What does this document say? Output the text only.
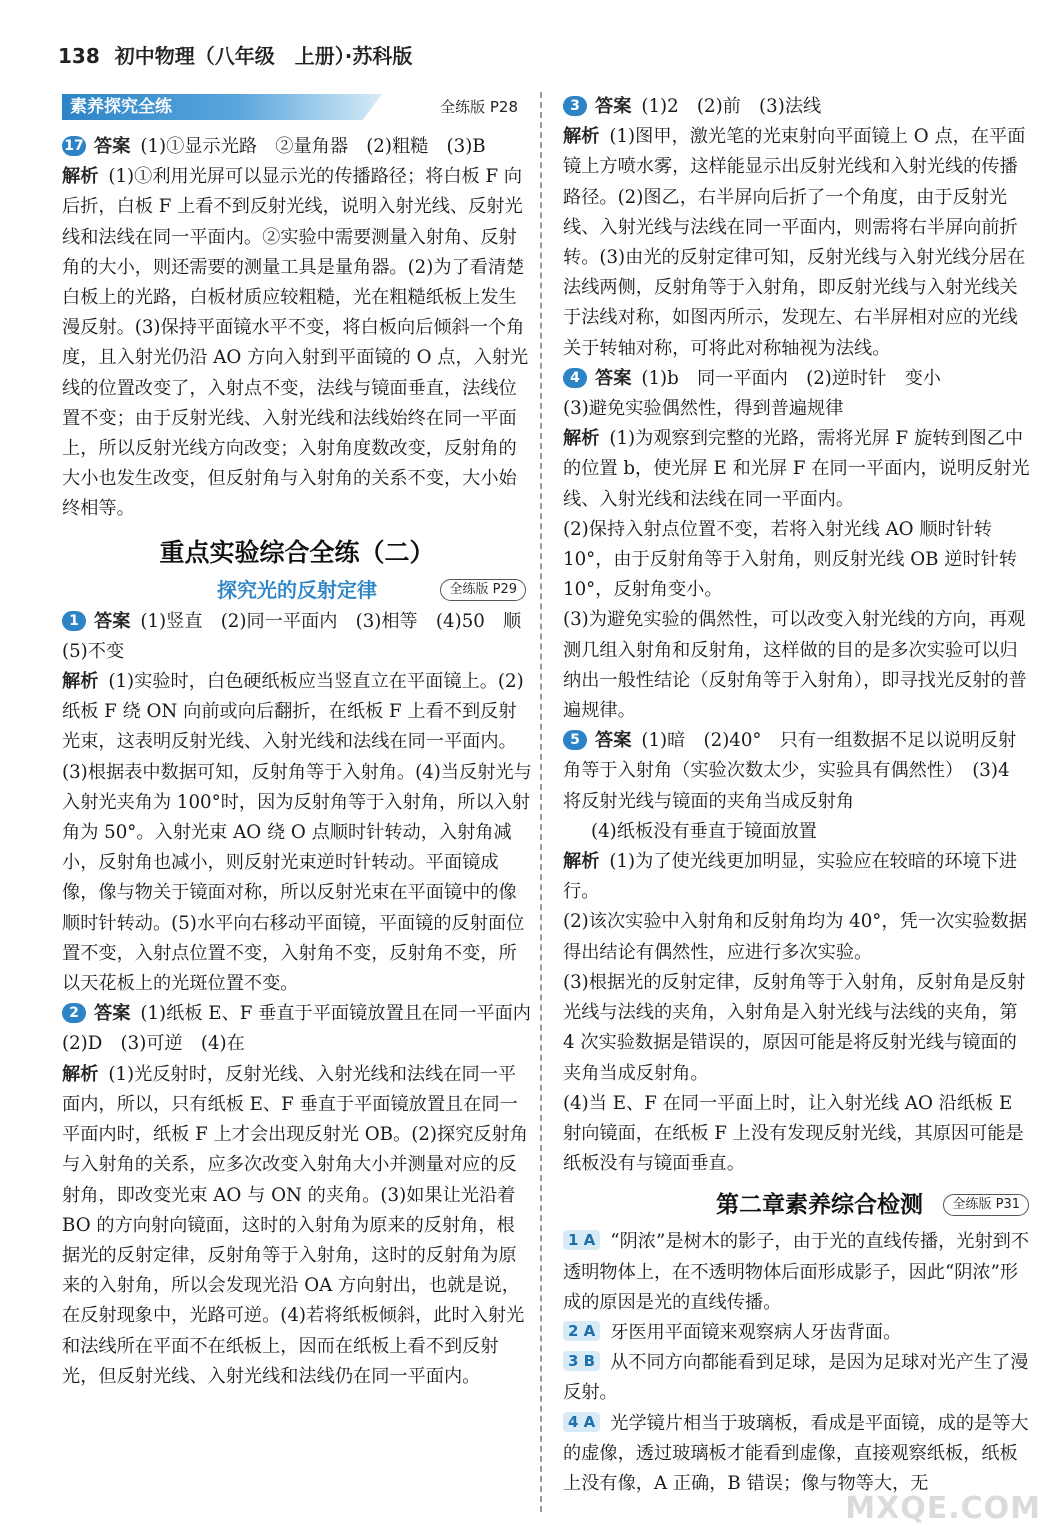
138 初中物理（八年级　上册）·苏科版
素养探究全练	全练版 P28

17 答案 (1)①显示光路　②量角器　(2)粗糙　(3)B

解析 (1)①利用光屏可以显示光的传播路径；将白板 F 向后折，白板 F 上看不到反射光线，说明入射光线、反射光线和法线在同一平面内。②实验中需要测量入射角、反射角的大小，则还需要的测量工具是量角器。(2)为了看清楚白板上的光路，白板材质应较粗糙，光在粗糙纸板上发生漫反射。(3)保持平面镜水平不变，将白板向后倾斜一个角度，且入射光仍沿 AO 方向入射到平面镜的 O 点，入射光线的位置改变了，入射点不变，法线与镜面垂直，法线位置不变；由于反射光线、入射光线和法线始终在同一平面上，所以反射光线方向改变；入射角度数改变，反射角的大小也发生改变，但反射角与入射角的关系不变，大小始终相等。

重点实验综合全练（二）
探究光的反射定律	全练版 P29

1 答案 (1)竖直　(2)同一平面内　(3)相等　(4)50　顺　(5)不变

解析 (1)实验时，白色硬纸板应当竖直立在平面镜上。(2)纸板 F 绕 ON 向前或向后翻折，在纸板 F 上看不到反射光束，这表明反射光线、入射光线和法线在同一平面内。(3)根据表中数据可知，反射角等于入射角。(4)当反射光与入射光夹角为 100°时，因为反射角等于入射角，所以入射角为 50°。入射光束 AO 绕 O 点顺时针转动，入射角减小，反射角也减小，则反射光束逆时针转动。平面镜成像，像与物关于镜面对称，所以反射光束在平面镜中的像顺时针转动。(5)水平向右移动平面镜，平面镜的反射面位置不变，入射点位置不变，入射角不变，反射角不变，所以天花板上的光斑位置不变。

2 答案 (1)纸板 E、F 垂直于平面镜放置且在同一平面内　(2)D　(3)可逆　(4)在

解析 (1)光反射时，反射光线、入射光线和法线在同一平面内，所以，只有纸板 E、F 垂直于平面镜放置且在同一平面内时，纸板 F 上才会出现反射光 OB。(2)探究反射角与入射角的关系，应多次改变入射角大小并测量对应的反射角，即改变光束 AO 与 ON 的夹角。(3)如果让光沿着 BO 的方向射向镜面，这时的入射角为原来的反射角，根据光的反射定律，反射角等于入射角，这时的反射角为原来的入射角，所以会发现光沿 OA 方向射出，也就是说，在反射现象中，光路可逆。(4)若将纸板倾斜，此时入射光和法线所在平面不在纸板上，因而在纸板上看不到反射光，但反射光线、入射光线和法线仍在同一平面内。

3 答案 (1)2　(2)前　(3)法线

解析 (1)图甲，激光笔的光束射向平面镜上 O 点，在平面镜上方喷水雾，这样能显示出反射光线和入射光线的传播路径。(2)图乙，右半屏向后折了一个角度，由于反射光线、入射光线与法线在同一平面内，则需将右半屏向前折转。(3)由光的反射定律可知，反射光线与入射光线分居在法线两侧，反射角等于入射角，即反射光线与入射光线关于法线对称，如图丙所示，发现左、右半屏相对应的光线关于转轴对称，可将此对称轴视为法线。

4 答案 (1)b　同一平面内　(2)逆时针　变小

(3)避免实验偶然性，得到普遍规律

解析 (1)为观察到完整的光路，需将光屏 F 旋转到图乙中的位置 b，使光屏 E 和光屏 F 在同一平面内，说明反射光线、入射光线和法线在同一平面内。

(2)保持入射点位置不变，若将入射光线 AO 顺时针转 10°，由于反射角等于入射角，则反射光线 OB 逆时针转 10°，反射角变小。

(3)为避免实验的偶然性，可以改变入射光线的方向，再观测几组入射角和反射角，这样做的目的是多次实验可以归纳出一般性结论（反射角等于入射角），即寻找光反射的普遍规律。

5 答案 (1)暗　(2)40°　只有一组数据不足以说明反射角等于入射角（实验次数太少，实验具有偶然性）　(3)4　将反射光线与镜面的夹角当成反射角

(4)纸板没有垂直于镜面放置

解析 (1)为了使光线更加明显，实验应在较暗的环境下进行。

(2)该次实验中入射角和反射角均为 40°，凭一次实验数据得出结论有偶然性，应进行多次实验。

(3)根据光的反射定律，反射角等于入射角，反射角是反射光线与法线的夹角，入射角是入射光线与法线的夹角，第 4 次实验数据是错误的，原因可能是将反射光线与镜面的夹角当成反射角。

(4)当 E、F 在同一平面上时，让入射光线 AO 沿纸板 E 射向镜面，在纸板 F 上没有发现反射光线，其原因可能是纸板没有与镜面垂直。

第二章素养综合检测	全练版 P31

1 A “阴浓”是树木的影子，由于光的直线传播，光射到不透明物体上，在不透明物体后面形成影子，因此“阴浓”形成的原因是光的直线传播。

2 A 牙医用平面镜来观察病人牙齿背面。

3 B 从不同方向都能看到足球，是因为足球对光产生了漫反射。

4 A 光学镜片相当于玻璃板，看成是平面镜，成的是等大的虚像，透过玻璃板才能看到虚像，直接观察纸板，纸板上没有像，A 正确，B 错误；像与物等大，无

MXQE.COM
